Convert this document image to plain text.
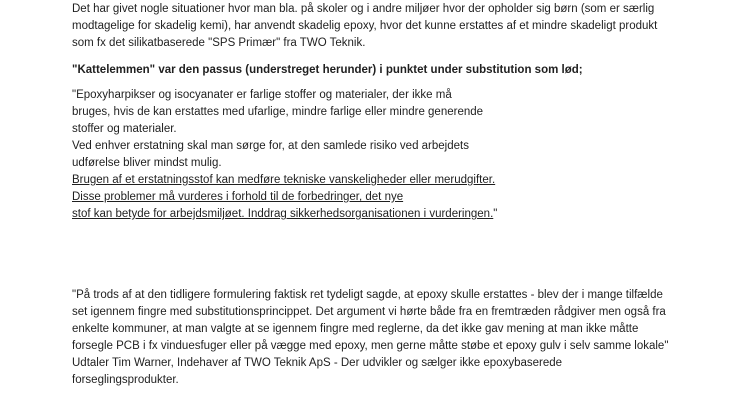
Det har givet nogle situationer hvor man bla. på skoler og i andre miljøer hvor der opholder sig børn (som er særlig

modtagelige for skadelig kemi), har anvendt skadelig epoxy, hvor det kunne erstattes af et mindre skadeligt produkt

som fx det silikatbaserede "SPS Primær" fra TWO Teknik.

"Kattelemmen" var den passus (understreget herunder) i punktet under substitution som lød;

"Epoxyharpikser og isocyanater er farlige stoffer og materialer, der ikke må

bruges, hvis de kan erstattes med ufarlige, mindre farlige eller mindre generende

stoffer og materialer.

Ved enhver erstatning skal man sørge for, at den samlede risiko ved arbejdets

udførelse bliver mindst mulig.

Brugen af et erstatningsstof kan medføre tekniske vanskeligheder eller merudgifter.

Disse problemer må vurderes i forhold til de forbedringer, det nye

stof kan betyde for arbejdsmiljøet. Inddrag sikkerhedsorganisationen i vurderingen."

"På trods af at den tidligere formulering faktisk ret tydeligt sagde, at epoxy skulle erstattes - blev der i mange tilfælde

set igennem fingre med substitutionsprincippet. Det argument vi hørte både fra en fremtræden rådgiver men også fra

enkelte kommuner, at man valgte at se igennem fingre med reglerne, da det ikke gav mening at man ikke måtte

forsegle PCB i fx vinduesfuger eller på vægge med epoxy, men gerne måtte støbe et epoxy gulv i selv samme lokale"

Udtaler Tim Warner, Indehaver af TWO Teknik ApS - Der udvikler og sælger ikke epoxybaserede

forseglingsprodukter.
